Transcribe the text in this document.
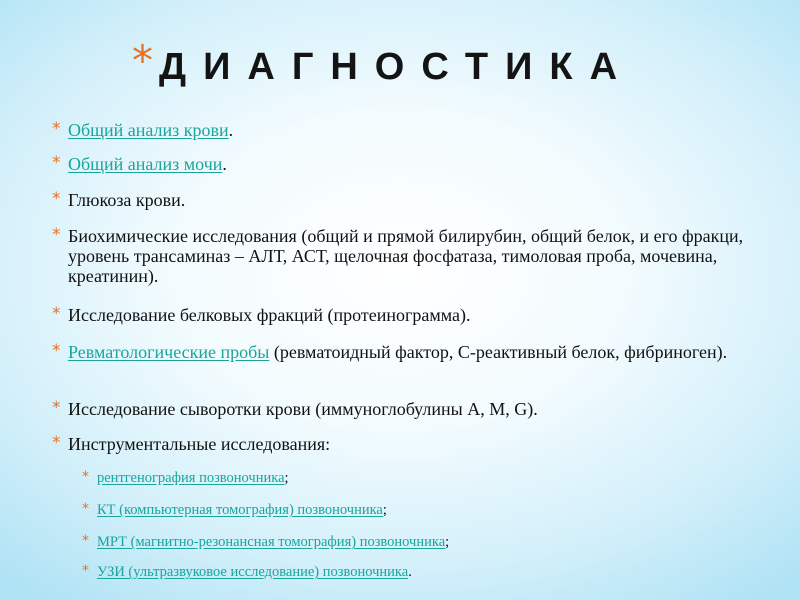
* ДИАГНОСТИКА
* Общий анализ крови.
* Общий анализ мочи.
* Глюкоза крови.
* Биохимические исследования (общий и прямой билирубин, общий белок, и его фракци, уровень трансаминаз – АЛТ, АСТ, щелочная фосфатаза, тимоловая проба, мочевина, креатинин).
* Исследование белковых фракций (протеинограмма).
* Ревматологические пробы (ревматоидный фактор, С-реактивный белок, фибриноген).
* Исследование сыворотки крови (иммуноглобулины А, М, G).
* Инструментальные исследования:
* рентгенография позвоночника;
* КТ (компьютерная томография) позвоночника;
* МРТ (магнитно-резонансная томография) позвоночника;
* УЗИ (ультразвуковое исследование) позвоночника.
